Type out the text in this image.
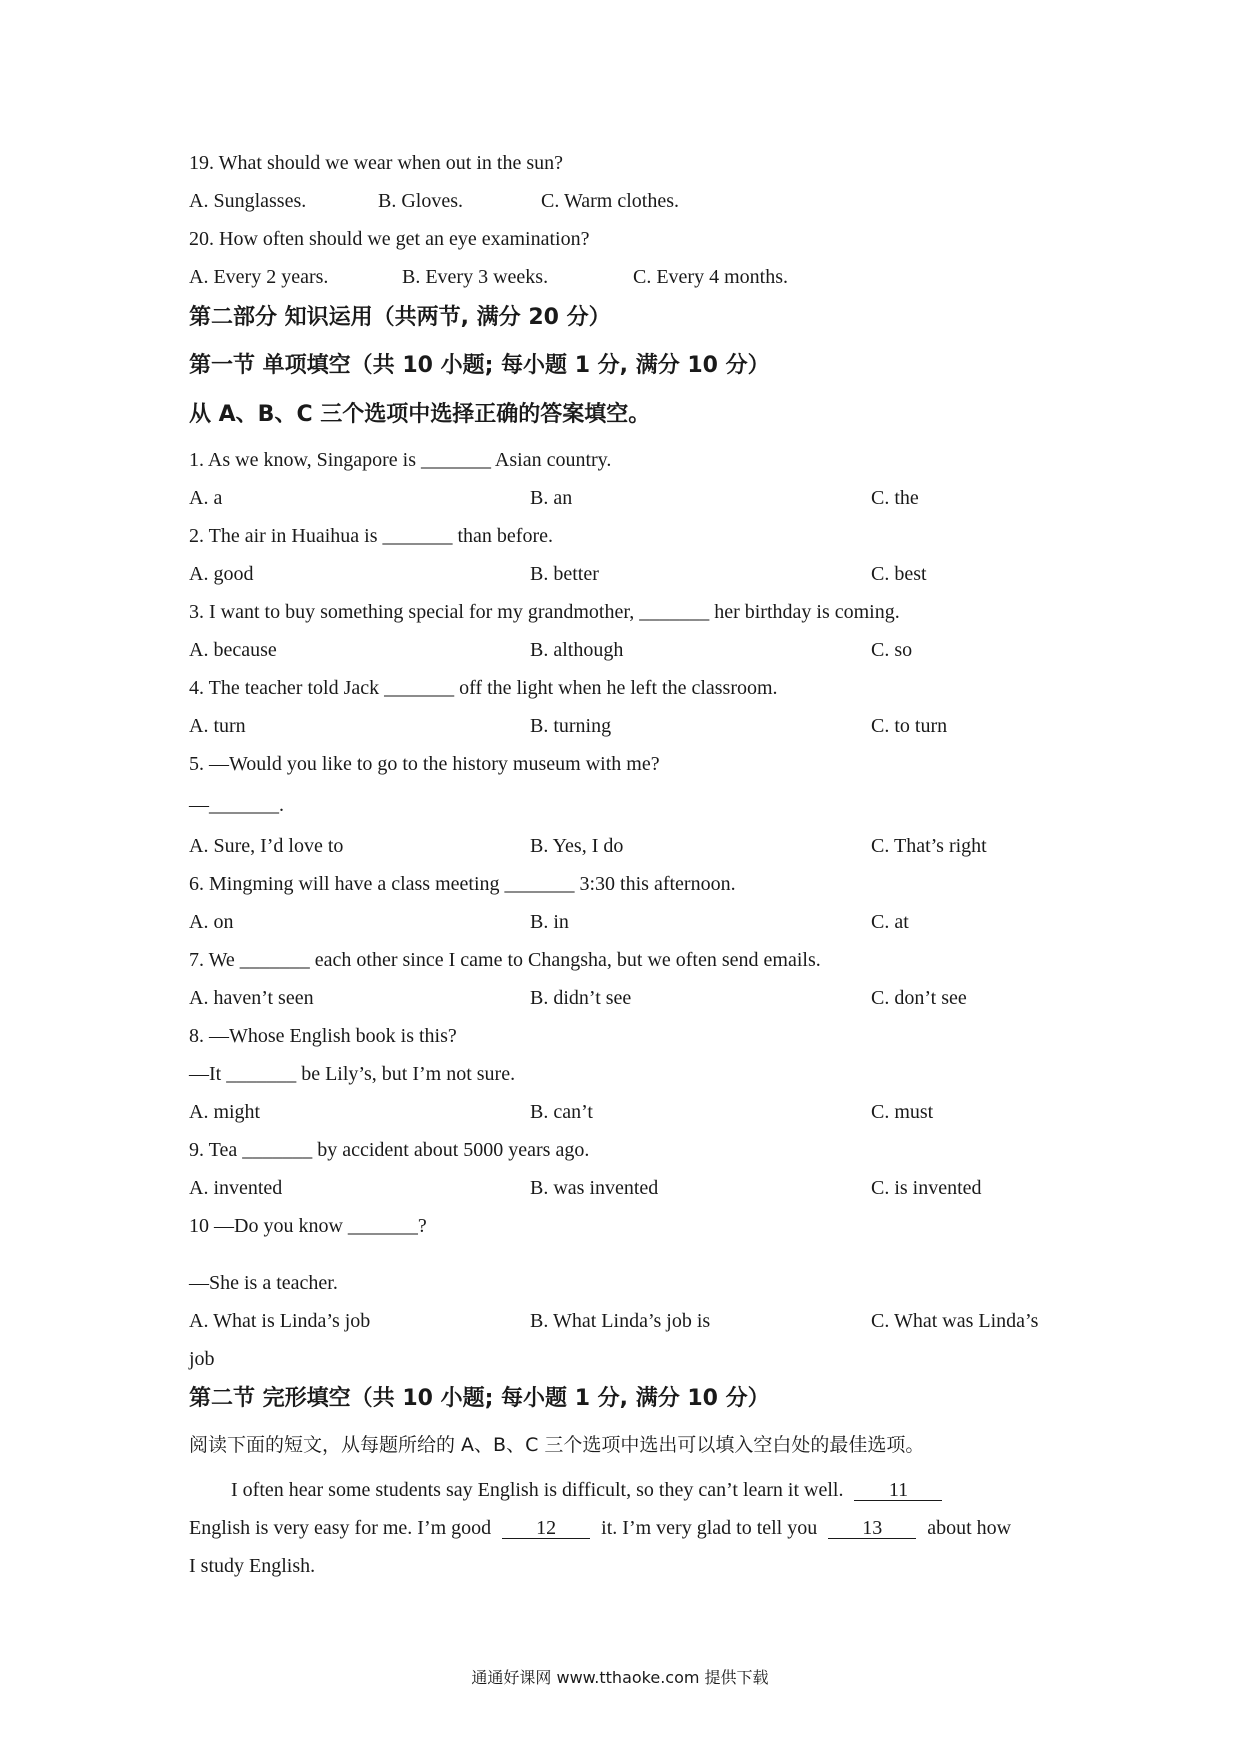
19. What should we wear when out in the sun?
A. Sunglasses.	B. Gloves.	C. Warm clothes.
20. How often should we get an eye examination?
A. Every 2 years.	B. Every 3 weeks.	C. Every 4 months.
第二部分 知识运用（共两节, 满分 20 分）
第一节 单项填空（共 10 小题; 每小题 1 分, 满分 10 分）
从 A、B、C 三个选项中选择正确的答案填空。
1. As we know, Singapore is _______ Asian country.
A. a	B. an	C. the
2. The air in Huaihua is _______ than before.
A. good	B. better	C. best
3. I want to buy something special for my grandmother, _______ her birthday is coming.
A. because	B. although	C. so
4. The teacher told Jack _______ off the light when he left the classroom.
A. turn	B. turning	C. to turn
5. —Would you like to go to the history museum with me?
—_______.
A. Sure, I’d love to	B. Yes, I do	C. That’s right
6. Mingming will have a class meeting _______ 3:30 this afternoon.
A. on	B. in	C. at
7. We _______ each other since I came to Changsha, but we often send emails.
A. haven’t seen	B. didn’t see	C. don’t see
8. —Whose English book is this?
—It _______ be Lily’s, but I’m not sure.
A. might	B. can’t	C. must
9. Tea _______ by accident about 5000 years ago.
A. invented	B. was invented	C. is invented
10 —Do you know _______?
—She is a teacher.
A. What is Linda’s job	B. What Linda’s job is	C. What was Linda’s
job
第二节 完形填空（共 10 小题; 每小题 1 分, 满分 10 分）
阅读下面的短文，从每题所给的 A、B、C 三个选项中选出可以填入空白处的最佳选项。
I often hear some students say English is difficult, so they can’t learn it well. 11
English is very easy for me. I’m good 12 it. I’m very glad to tell you 13 about how
I study English.
通通好课网 www.tthaoke.com 提供下载
